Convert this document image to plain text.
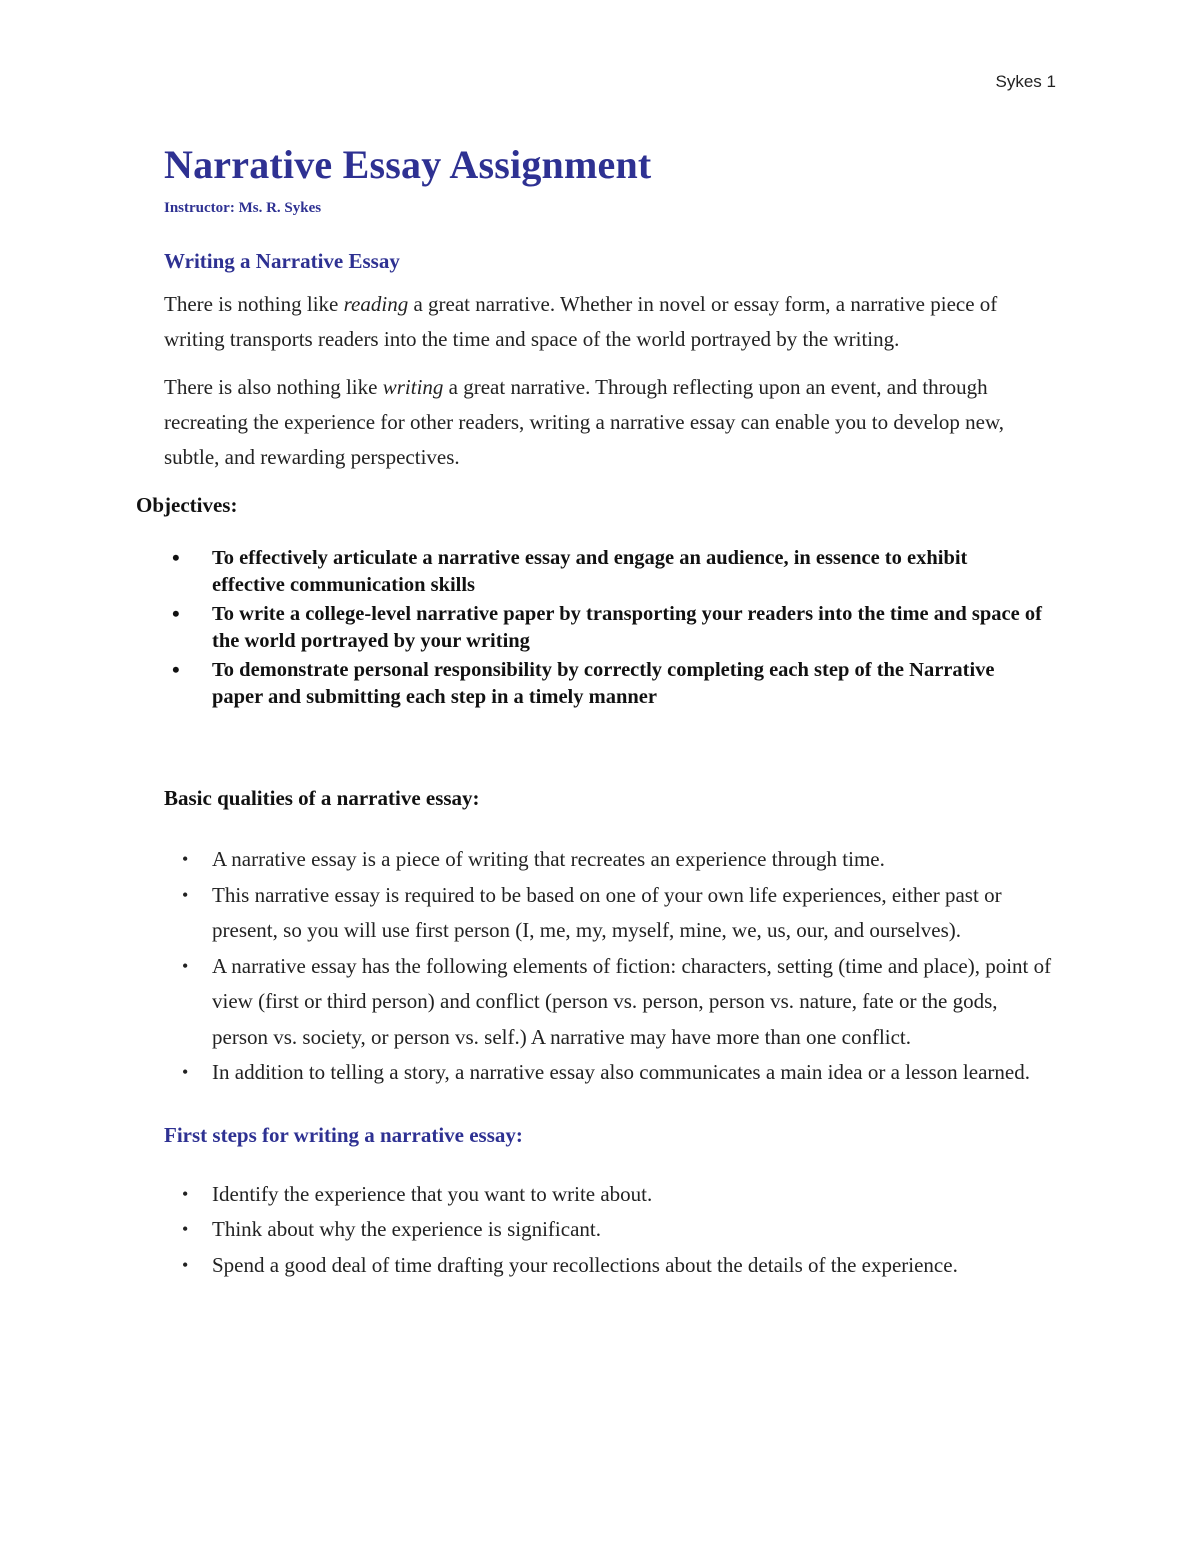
Sykes 1
Narrative Essay Assignment
Instructor: Ms. R. Sykes
Writing a Narrative Essay

There is nothing like reading a great narrative. Whether in novel or essay form, a narrative piece of writing transports readers into the time and space of the world portrayed by the writing.

There is also nothing like writing a great narrative. Through reflecting upon an event, and through recreating the experience for other readers, writing a narrative essay can enable you to develop new, subtle, and rewarding perspectives.

Objectives:
• To effectively articulate a narrative essay and engage an audience, in essence to exhibit effective communication skills
• To write a college-level narrative paper by transporting your readers into the time and space of the world portrayed by your writing
• To demonstrate personal responsibility by correctly completing each step of the Narrative paper and submitting each step in a timely manner
Basic qualities of a narrative essay:
• A narrative essay is a piece of writing that recreates an experience through time.
• This narrative essay is required to be based on one of your own life experiences, either past or present, so you will use first person (I, me, my, myself, mine, we, us, our, and ourselves).
• A narrative essay has the following elements of fiction: characters, setting (time and place), point of view (first or third person) and conflict (person vs. person, person vs. nature, fate or the gods, person vs. society, or person vs. self.) A narrative may have more than one conflict.
• In addition to telling a story, a narrative essay also communicates a main idea or a lesson learned.
First steps for writing a narrative essay:
• Identify the experience that you want to write about.
• Think about why the experience is significant.
• Spend a good deal of time drafting your recollections about the details of the experience.
